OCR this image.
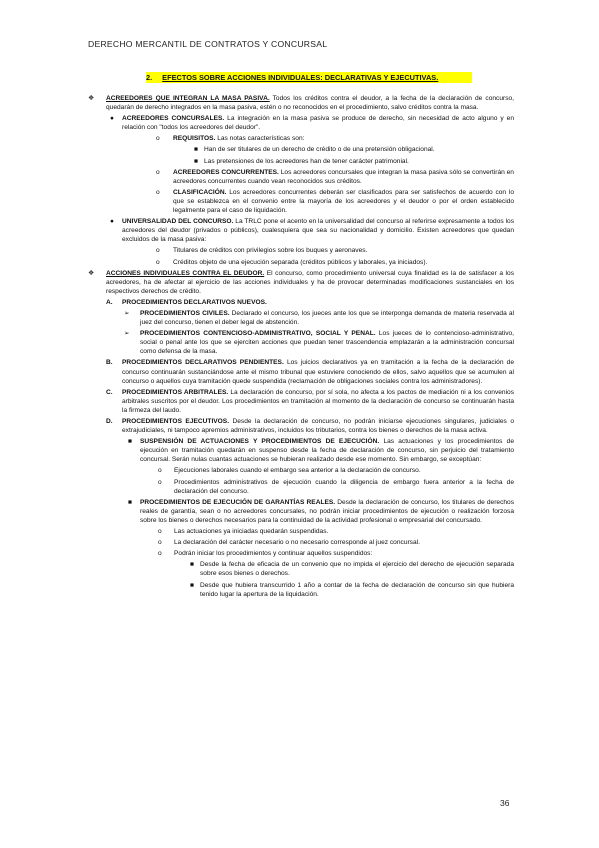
DERECHO MERCANTIL DE CONTRATOS Y CONCURSAL
2. EFECTOS SOBRE ACCIONES INDIVIDUALES: DECLARATIVAS Y EJECUTIVAS.
❖ ACREEDORES QUE INTEGRAN LA MASA PASIVA. Todos los créditos contra el deudor, a la fecha de la declaración de concurso, quedarán de derecho integrados en la masa pasiva, estén o no reconocidos en el procedimiento, salvo créditos contra la masa.

● ACREEDORES CONCURSALES. La integración en la masa pasiva se produce de derecho, sin necesidad de acto alguno y en relación con "todos los acreedores del deudor".

o REQUISITOS. Las notas características son:

■ Han de ser titulares de un derecho de crédito o de una pretensión obligacional.

■ Las pretensiones de los acreedores han de tener carácter patrimonial.

o ACREEDORES CONCURRENTES. Los acreedores concursales que integran la masa pasiva sólo se convertirán en acreedores concurrentes cuando vean reconocidos sus créditos.

o CLASIFICACIÓN. Los acreedores concurrentes deberán ser clasificados para ser satisfechos de acuerdo con lo que se establezca en el convenio entre la mayoría de los acreedores y el deudor o por el orden establecido legalmente para el caso de liquidación.

● UNIVERSALIDAD DEL CONCURSO. La TRLC pone el acento en la universalidad del concurso al referirse expresamente a todos los acreedores del deudor (privados o públicos), cualesquiera que sea su nacionalidad y domicilio. Existen acreedores que quedan excluidos de la masa pasiva:

o Titulares de créditos con privilegios sobre los buques y aeronaves.

o Créditos objeto de una ejecución separada (créditos públicos y laborales, ya iniciados).

❖ ACCIONES INDIVIDUALES CONTRA EL DEUDOR. El concurso, como procedimiento universal cuya finalidad es la de satisfacer a los acreedores, ha de afectar al ejercicio de las acciones individuales y ha de provocar determinadas modificaciones sustanciales en los respectivos derechos de crédito.

A. PROCEDIMIENTOS DECLARATIVOS NUEVOS.

➢ PROCEDIMIENTOS CIVILES. Declarado el concurso, los jueces ante los que se interponga demanda de materia reservada al juez del concurso, tienen el deber legal de abstención.

➢ PROCEDIMIENTOS CONTENCIOSO-ADMINISTRATIVO, SOCIAL Y PENAL. Los jueces de lo contencioso-administrativo, social o penal ante los que se ejerciten acciones que puedan tener trascendencia emplazarán a la administración concursal como defensa de la masa.

B. PROCEDIMIENTOS DECLARATIVOS PENDIENTES. Los juicios declarativos ya en tramitación a la fecha de la declaración de concurso continuarán sustanciándose ante el mismo tribunal que estuviere conociendo de ellos, salvo aquellos que se acumulen al concurso o aquellos cuya tramitación quede suspendida (reclamación de obligaciones sociales contra los administradores).

C. PROCEDIMIENTOS ARBITRALES. La declaración de concurso, por sí sola, no afecta a los pactos de mediación ni a los convenios arbitrales suscritos por el deudor. Los procedimientos en tramitación al momento de la declaración de concurso se continuarán hasta la firmeza del laudo.

D. PROCEDIMIENTOS EJECUTIVOS. Desde la declaración de concurso, no podrán iniciarse ejecuciones singulares, judiciales o extrajudiciales, ni tampoco apremios administrativos, incluidos los tributarios, contra los bienes o derechos de la masa activa.

■ SUSPENSIÓN DE ACTUACIONES Y PROCEDIMIENTOS DE EJECUCIÓN. Las actuaciones y los procedimientos de ejecución en tramitación quedarán en suspenso desde la fecha de declaración de concurso, sin perjuicio del tratamiento concursal. Serán nulas cuantas actuaciones se hubieran realizado desde ese momento. Sin embargo, se exceptúan:

o Ejecuciones laborales cuando el embargo sea anterior a la declaración de concurso.

o Procedimientos administrativos de ejecución cuando la diligencia de embargo fuera anterior a la fecha de declaración del concurso.

■ PROCEDIMIENTOS DE EJECUCIÓN DE GARANTÍAS REALES. Desde la declaración de concurso, los titulares de derechos reales de garantía, sean o no acreedores concursales, no podrán iniciar procedimientos de ejecución o realización forzosa sobre los bienes o derechos necesarios para la continuidad de la actividad profesional o empresarial del concursado.

o Las actuaciones ya iniciadas quedarán suspendidas.

o La declaración del carácter necesario o no necesario corresponde al juez concursal.

o Podrán iniciar los procedimientos y continuar aquellos suspendidos:

■ Desde la fecha de eficacia de un convenio que no impida el ejercicio del derecho de ejecución separada sobre esos bienes o derechos.

■ Desde que hubiera transcurrido 1 año a contar de la fecha de declaración de concurso sin que hubiera tenido lugar la apertura de la liquidación.

36
